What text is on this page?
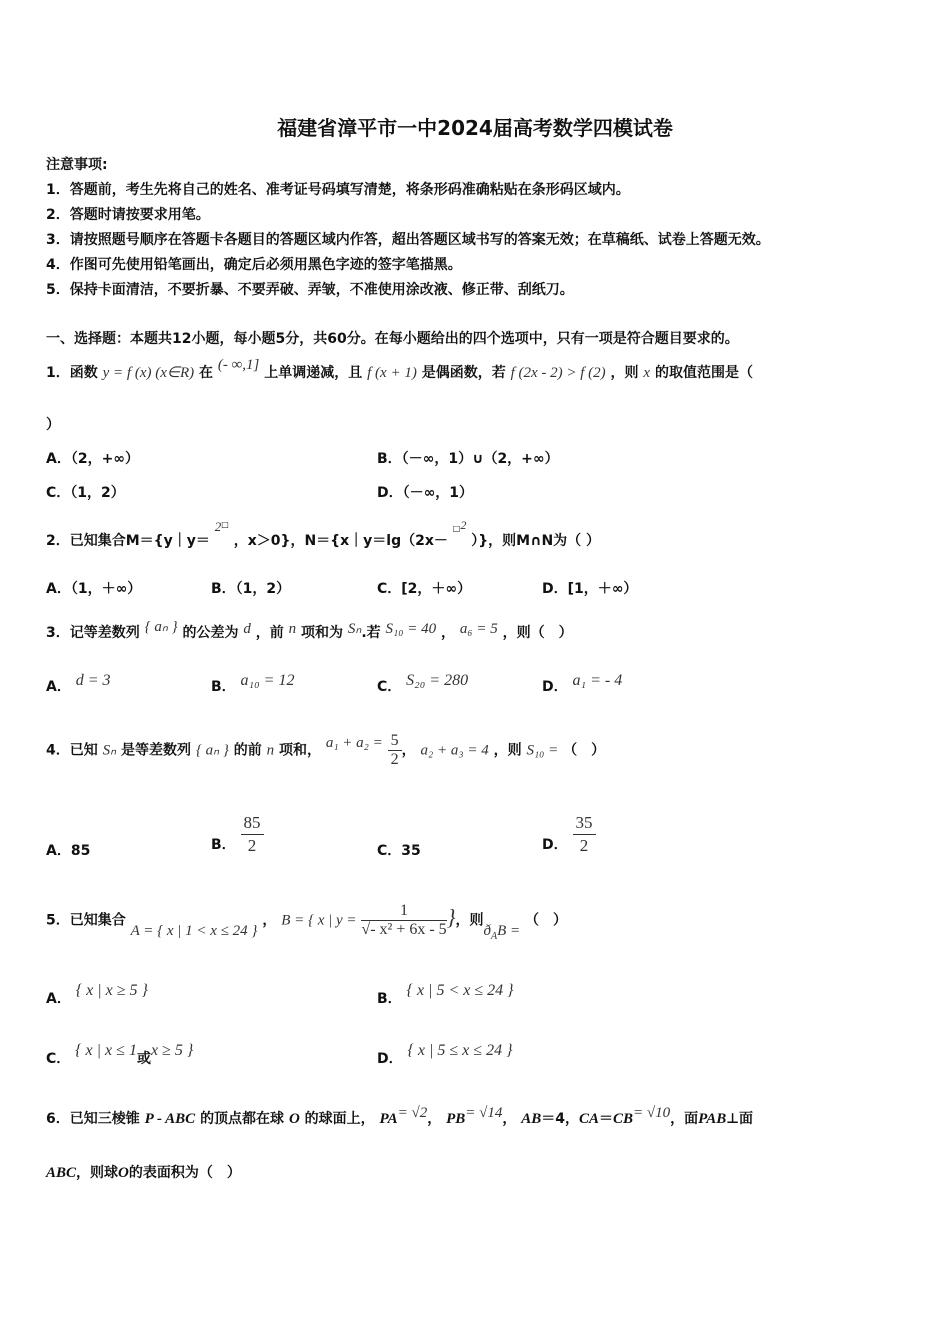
福建省漳平市一中2024届高考数学四模试卷
注意事项:
1．答题前，考生先将自己的姓名、准考证号码填写清楚，将条形码准确粘贴在条形码区域内。
2．答题时请按要求用笔。
3．请按照题号顺序在答题卡各题目的答题区域内作答，超出答题区域书写的答案无效；在草稿纸、试卷上答题无效。
4．作图可先使用铅笔画出，确定后必须用黑色字迹的签字笔描黑。
5．保持卡面清洁，不要折暴、不要弄破、弄皱，不准使用涂改液、修正带、刮纸刀。
一、选择题：本题共12小题，每小题5分，共60分。在每小题给出的四个选项中，只有一项是符合题目要求的。
1．函数 y = f (x) (x∈R) 在 (- ∞,1] 上单调递减，且 f (x + 1) 是偶函数，若 f (2x - 2) > f (2) ，则 x 的取值范围是（
）
A．（2，+∞）	B．（－∞，1）∪（2，+∞）
C．（1，2）	D．（－∞，1）
2．已知集合M＝{y｜y＝ 2□ ，x＞0}，N＝{x｜y＝lg（2x－ □2 ）}，则M∩N为（ ）
A．（1，＋∞）	B．（1，2）	C．[2，＋∞）	D．[1，＋∞）
3．记等差数列 { aₙ } 的公差为 d ，前 n 项和为 Sₙ.若 S₁₀ = 40 ， a₆ = 5 ，则（　）
A． d = 3	B． a₁₀ = 12	C． S₂₀ = 280	D． a₁ = - 4
4．已知 Sₙ 是等差数列 { aₙ } 的前 n 项和， $a_1 + a_2 = \frac{5}{2}$ ， a₂ + a₃ = 4 ，则 S₁₀ = （　）
A．85	B． $\frac{85}{2}$	C．35	D． $\frac{35}{2}$
5．已知集合 A = { x | 1 < x ≤ 24 } ， B = { x | $y = \frac{1}{\text{√- x² + 6x - 5}}$ }，则$ð_AB$ = （　）
A． { x | x ≥ 5 }	B． { x | 5 < x ≤ 24 }
C． { x | x ≤ 1或x ≥ 5 }	D． { x | 5 ≤ x ≤ 24 }
6．已知三棱锥 P - ABC 的顶点都在球 O 的球面上， PA= √2， PB= √14， AB＝4，CA＝CB= √10，面PAB⊥面
ABC，则球O的表面积为（　）
